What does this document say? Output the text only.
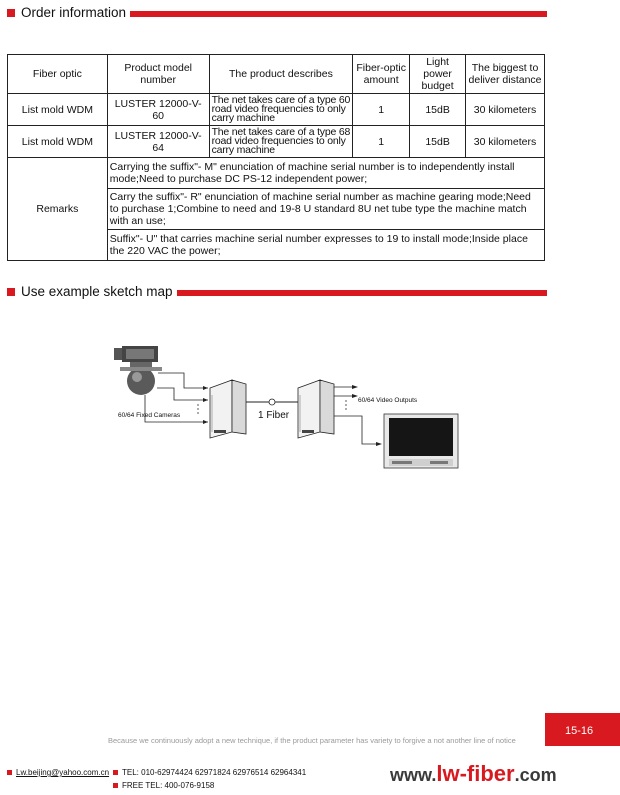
Order information
Fiber optic	Product model number	The product describes	Fiber-optic amount	Light power budget	The biggest to deliver distance
List mold WDM	LUSTER 12000-V-60	The net takes care of a type 60 road video frequencies to only carry machine	1	15dB	30 kilometers
List mold WDM	LUSTER 12000-V-64	The net takes care of a type 68 road video frequencies to only carry machine	1	15dB	30 kilometers
Remarks	Carrying the suffix"- M" enunciation of machine serial number is to independently install mode;Need to purchase DC PS-12 independent power;				
	Carry the suffix"- R" enunciation of machine serial number as machine gearing mode;Need to purchase 1;Combine to need and 19-8 U standard 8U net tube type the machine match with an use;				
	Suffix"- U" that carries machine serial number expresses to 19 to install mode;Inside place the 220 VAC the power;				
Use example sketch map
60/64 Fixed Cameras	1 Fiber
60/64 Video Outputs
15-16
Because we continuously adopt a new technique, if the product parameter has variety to forgive a not another line of notice
Lw.beijing@yahoo.com.cn	TEL: 010-62974424 62971824 62976514 62964341
FREE TEL: 400-076-9158
www.lw-fiber.com
